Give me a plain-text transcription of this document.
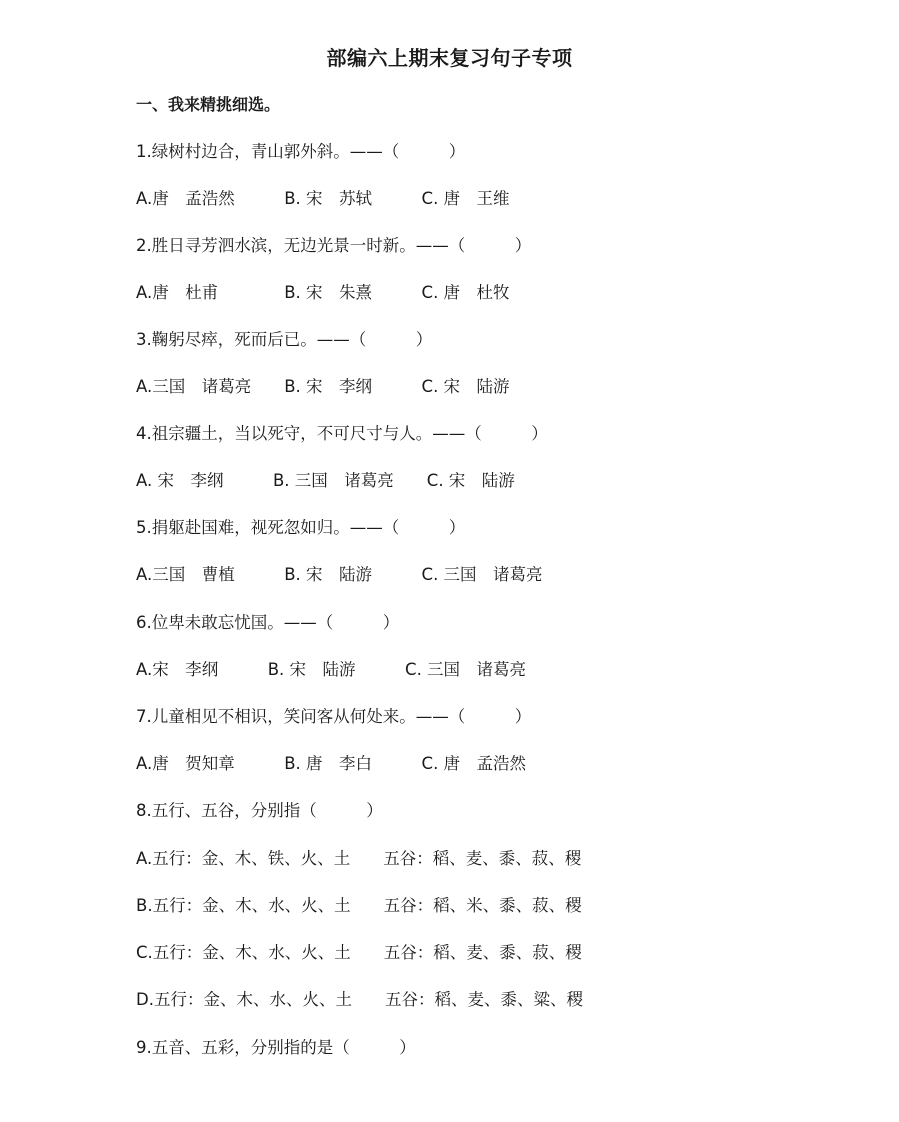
部编六上期末复习句子专项
一、我来精挑细选。
1.绿树村边合，青山郭外斜。——（　　　）
A.唐　孟浩然　　　B. 宋　苏轼　　　C. 唐　王维
2.胜日寻芳泗水滨，无边光景一时新。——（　　　）
A.唐　杜甫　　　　B. 宋　朱熹　　　C. 唐　杜牧
3.鞠躬尽瘁，死而后已。——（　　　）
A.三国　诸葛亮　　B. 宋　李纲　　　C. 宋　陆游
4.祖宗疆土，当以死守，不可尺寸与人。——（　　　）
A. 宋　李纲　　　B. 三国　诸葛亮　　C. 宋　陆游
5.捐躯赴国难，视死忽如归。——（　　　）
A.三国　曹植　　　B. 宋　陆游　　　C. 三国　诸葛亮
6.位卑未敢忘忧国。——（　　　）
A.宋　李纲　　　B. 宋　陆游　　　C. 三国　诸葛亮
7.儿童相见不相识，笑问客从何处来。——（　　　）
A.唐　贺知章　　　B. 唐　李白　　　C. 唐　孟浩然
8.五行、五谷，分别指（　　　）
A.五行：金、木、铁、火、土　　五谷：稻、麦、黍、菽、稷
B.五行：金、木、水、火、土　　五谷：稻、米、黍、菽、稷
C.五行：金、木、水、火、土　　五谷：稻、麦、黍、菽、稷
D.五行：金、木、水、火、土　　五谷：稻、麦、黍、粱、稷
9.五音、五彩，分别指的是（　　　）
